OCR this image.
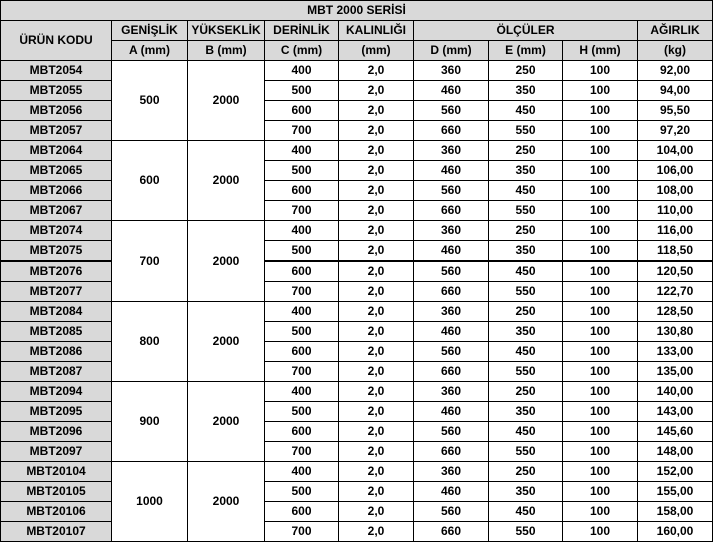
MBT 2000 SERİSİ								
ÜRÜN KODU	GENİŞLİK	YÜKSEKLİK	DERİNLİK	KALINLIĞI	ÖLÇÜLER			AĞIRLIK
	A (mm)	B (mm)	C (mm)	(mm)	D (mm)	E (mm)	H (mm)	(kg)
MBT2054	500	2000	400	2,0	360	250	100	92,00
MBT2055			500	2,0	460	350	100	94,00
MBT2056			600	2,0	560	450	100	95,50
MBT2057			700	2,0	660	550	100	97,20
MBT2064	600	2000	400	2,0	360	250	100	104,00
MBT2065			500	2,0	460	350	100	106,00
MBT2066			600	2,0	560	450	100	108,00
MBT2067			700	2,0	660	550	100	110,00
MBT2074	700	2000	400	2,0	360	250	100	116,00
MBT2075			500	2,0	460	350	100	118,50
MBT2076			600	2,0	560	450	100	120,50
MBT2077			700	2,0	660	550	100	122,70
MBT2084	800	2000	400	2,0	360	250	100	128,50
MBT2085			500	2,0	460	350	100	130,80
MBT2086			600	2,0	560	450	100	133,00
MBT2087			700	2,0	660	550	100	135,00
MBT2094	900	2000	400	2,0	360	250	100	140,00
MBT2095			500	2,0	460	350	100	143,00
MBT2096			600	2,0	560	450	100	145,60
MBT2097			700	2,0	660	550	100	148,00
MBT20104	1000	2000	400	2,0	360	250	100	152,00
MBT20105			500	2,0	460	350	100	155,00
MBT20106			600	2,0	560	450	100	158,00
MBT20107			700	2,0	660	550	100	160,00
